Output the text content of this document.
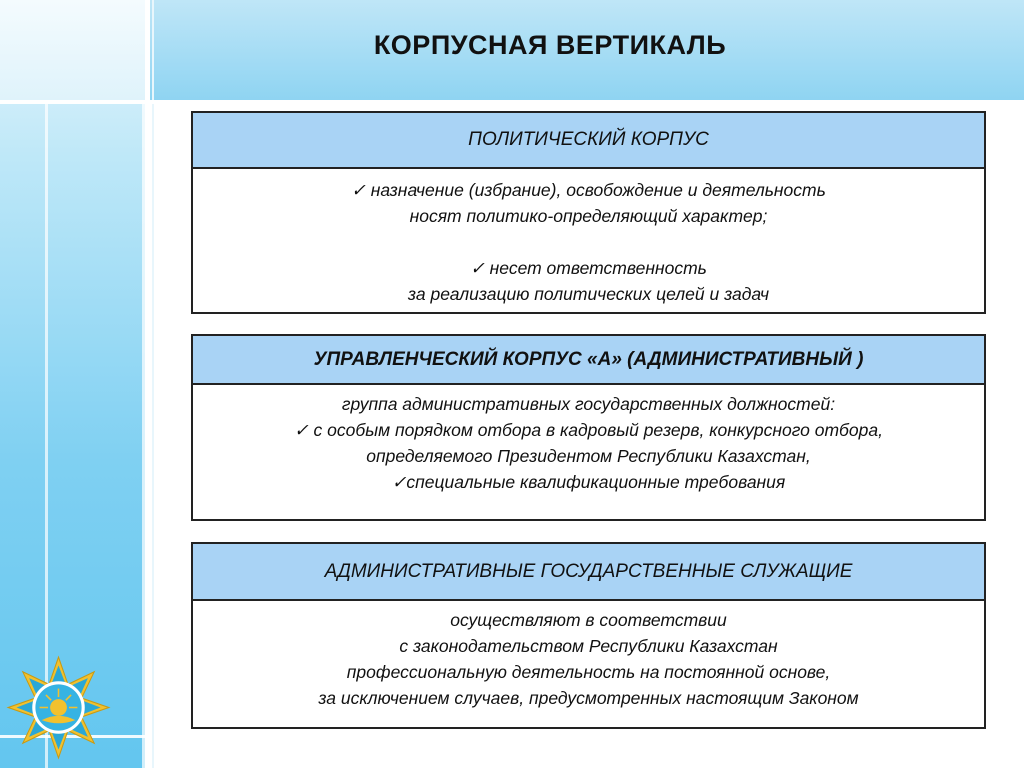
КОРПУСНАЯ ВЕРТИКАЛЬ
ПОЛИТИЧЕСКИЙ КОРПУС
✓ назначение (избрание), освобождение и деятельность
носят политико-определяющий характер;
✓ несет ответственность
за реализацию политических целей и задач
УПРАВЛЕНЧЕСКИЙ КОРПУС «А» (АДМИНИСТРАТИВНЫЙ )
группа административных государственных должностей:
✓ с особым порядком отбора в кадровый резерв, конкурсного отбора,
определяемого Президентом Республики Казахстан,
✓специальные квалификационные требования
АДМИНИСТРАТИВНЫЕ ГОСУДАРСТВЕННЫЕ СЛУЖАЩИЕ
осуществляют в соответствии
с законодательством Республики Казахстан
профессиональную деятельность на постоянной основе,
за исключением случаев, предусмотренных настоящим Законом
